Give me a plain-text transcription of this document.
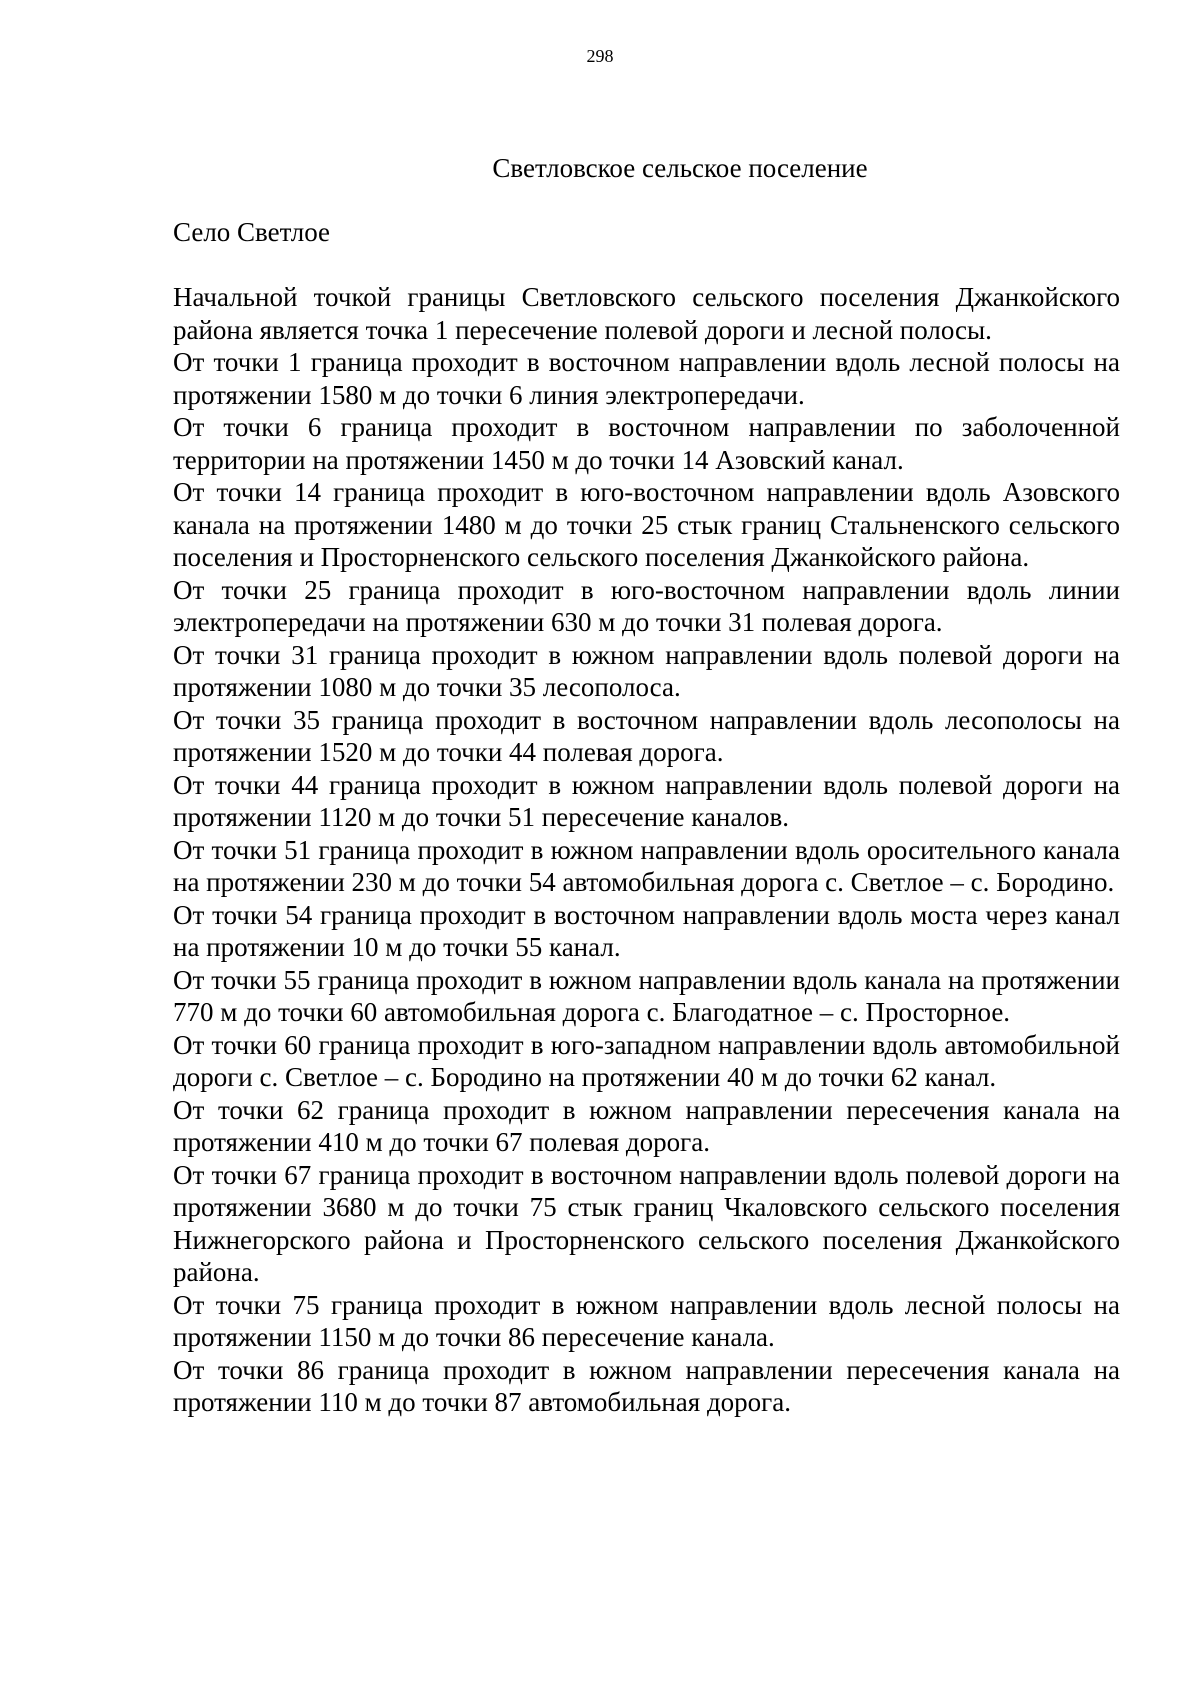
298
Светловское сельское поселение
Село Светлое

Начальной точкой границы Светловского сельского поселения Джанкойского района является точка 1 пересечение полевой дороги и лесной полосы.

От точки 1 граница проходит в восточном направлении вдоль лесной полосы на протяжении 1580 м до точки 6 линия электропередачи.

От точки 6 граница проходит в восточном направлении по заболоченной территории на протяжении 1450 м до точки 14 Азовский канал.

От точки 14 граница проходит в юго-восточном направлении вдоль Азовского канала на протяжении 1480 м до точки 25 стык границ Стальненского сельского поселения и Просторненского сельского поселения Джанкойского района.

От точки 25 граница проходит в юго-восточном направлении вдоль линии электропередачи на протяжении 630 м до точки 31 полевая дорога.

От точки 31 граница проходит в южном направлении вдоль полевой дороги на протяжении 1080 м до точки 35 лесополоса.

От точки 35 граница проходит в восточном направлении вдоль лесополосы на протяжении 1520 м до точки 44 полевая дорога.

От точки 44 граница проходит в южном направлении вдоль полевой дороги на протяжении 1120 м до точки 51 пересечение каналов.

От точки 51 граница проходит в южном направлении вдоль оросительного канала на протяжении 230 м до точки 54 автомобильная дорога с. Светлое – с. Бородино.

От точки 54 граница проходит в восточном направлении вдоль моста через канал на протяжении 10 м до точки 55 канал.

От точки 55 граница проходит в южном направлении вдоль канала на протяжении 770 м до точки 60 автомобильная дорога с. Благодатное – с. Просторное.

От точки 60 граница проходит в юго-западном направлении вдоль автомобильной дороги с. Светлое – с. Бородино на протяжении 40 м до точки 62 канал.

От точки 62 граница проходит в южном направлении пересечения канала на протяжении 410 м до точки 67 полевая дорога.

От точки 67 граница проходит в восточном направлении вдоль полевой дороги на протяжении 3680 м до точки 75 стык границ Чкаловского сельского поселения Нижнегорского района и Просторненского сельского поселения Джанкойского района.

От точки 75 граница проходит в южном направлении вдоль лесной полосы на протяжении 1150 м до точки 86 пересечение канала.

От точки 86 граница проходит в южном направлении пересечения канала на протяжении 110 м до точки 87 автомобильная дорога.
